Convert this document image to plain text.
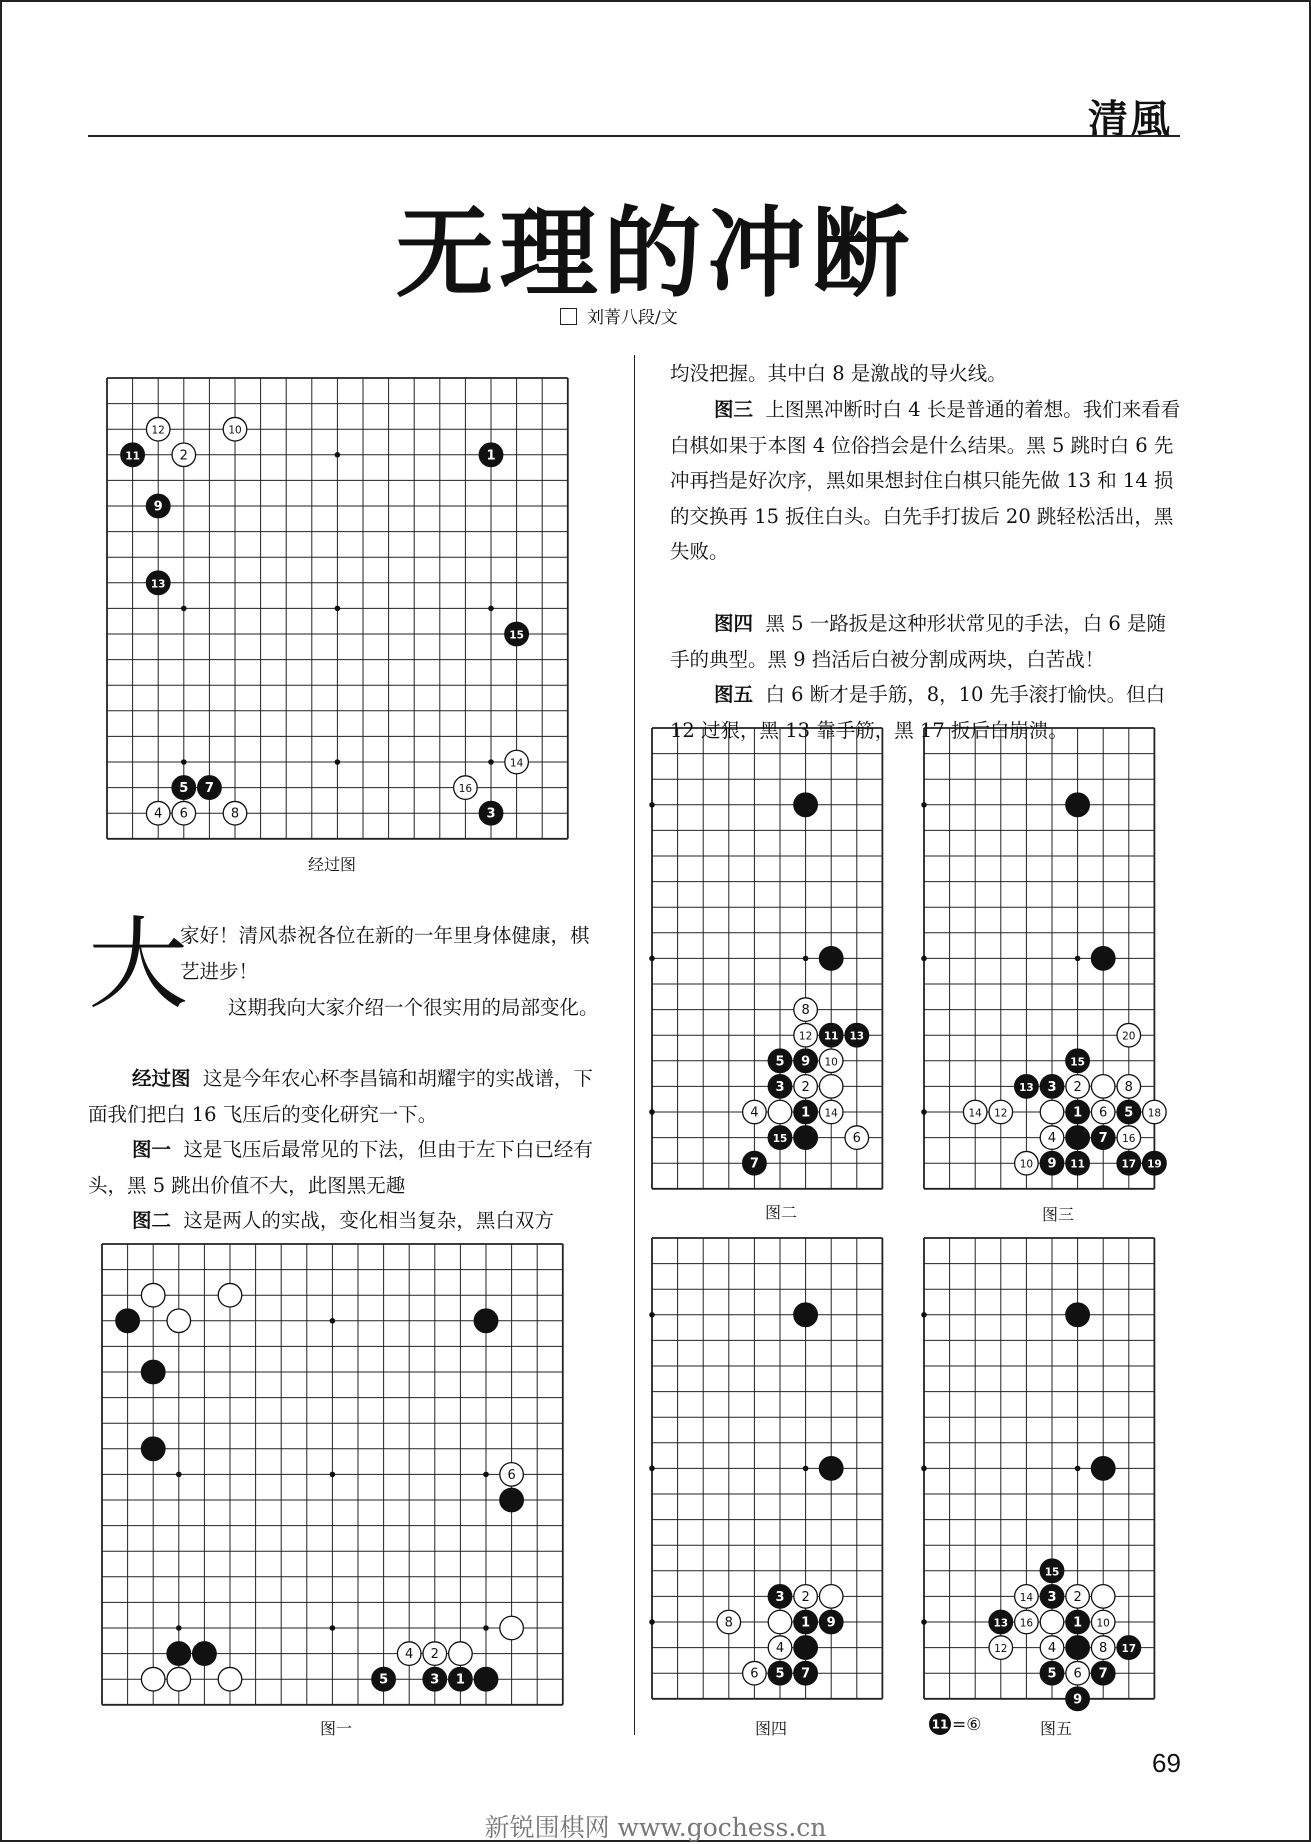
清風
无理的冲断
刘菁八段/文
12	10
11	2	1
9
13
15
14
5 7	16
4 6	8	3
6
4 2
5	3 1
8
12 11 13
5 9 10
3 2
4	1 14
15	6
7
20
15
13 3 2	8
14 12	1 6 5 18
4	7 16
10 9 11	17 19
3 2
8	1 9
4
6 5 7
15
14 3 2
13 16	1 10
12	4	8 17
5 6 7
9
经过图
图一
图二	图三
图四	图五
11 =⑥

均没把握。其中白 8 是激战的导火线。

图三 上图黑冲断时白 4 长是普通的着想。我们来看看白棋如果于本图 4 位俗挡会是什么结果。黑 5 跳时白 6 先冲再挡是好次序，黑如果想封住白棋只能先做 13 和 14 损的交换再 15 扳住白头。白先手打拔后 20 跳轻松活出，黑失败。

图四 黑 5 一路扳是这种形状常见的手法，白 6 是随手的典型。黑 9 挡活后白被分割成两块，白苦战！

图五 白 6 断才是手筋，8，10 先手滚打愉快。但白 12 过狠，黑 13 靠手筋，黑 17 扳后白崩溃。

大

家好！清风恭祝各位在新的一年里身体健康，棋艺进步！

这期我向大家介绍一个很实用的局部变化。

经过图 这是今年农心杯李昌镐和胡耀宇的实战谱，下面我们把白 16 飞压后的变化研究一下。

图一 这是飞压后最常见的下法，但由于左下白已经有头，黑 5 跳出价值不大，此图黑无趣

图二 这是两人的实战，变化相当复杂，黑白双方

69
新锐围棋网 www.gochess.cn
